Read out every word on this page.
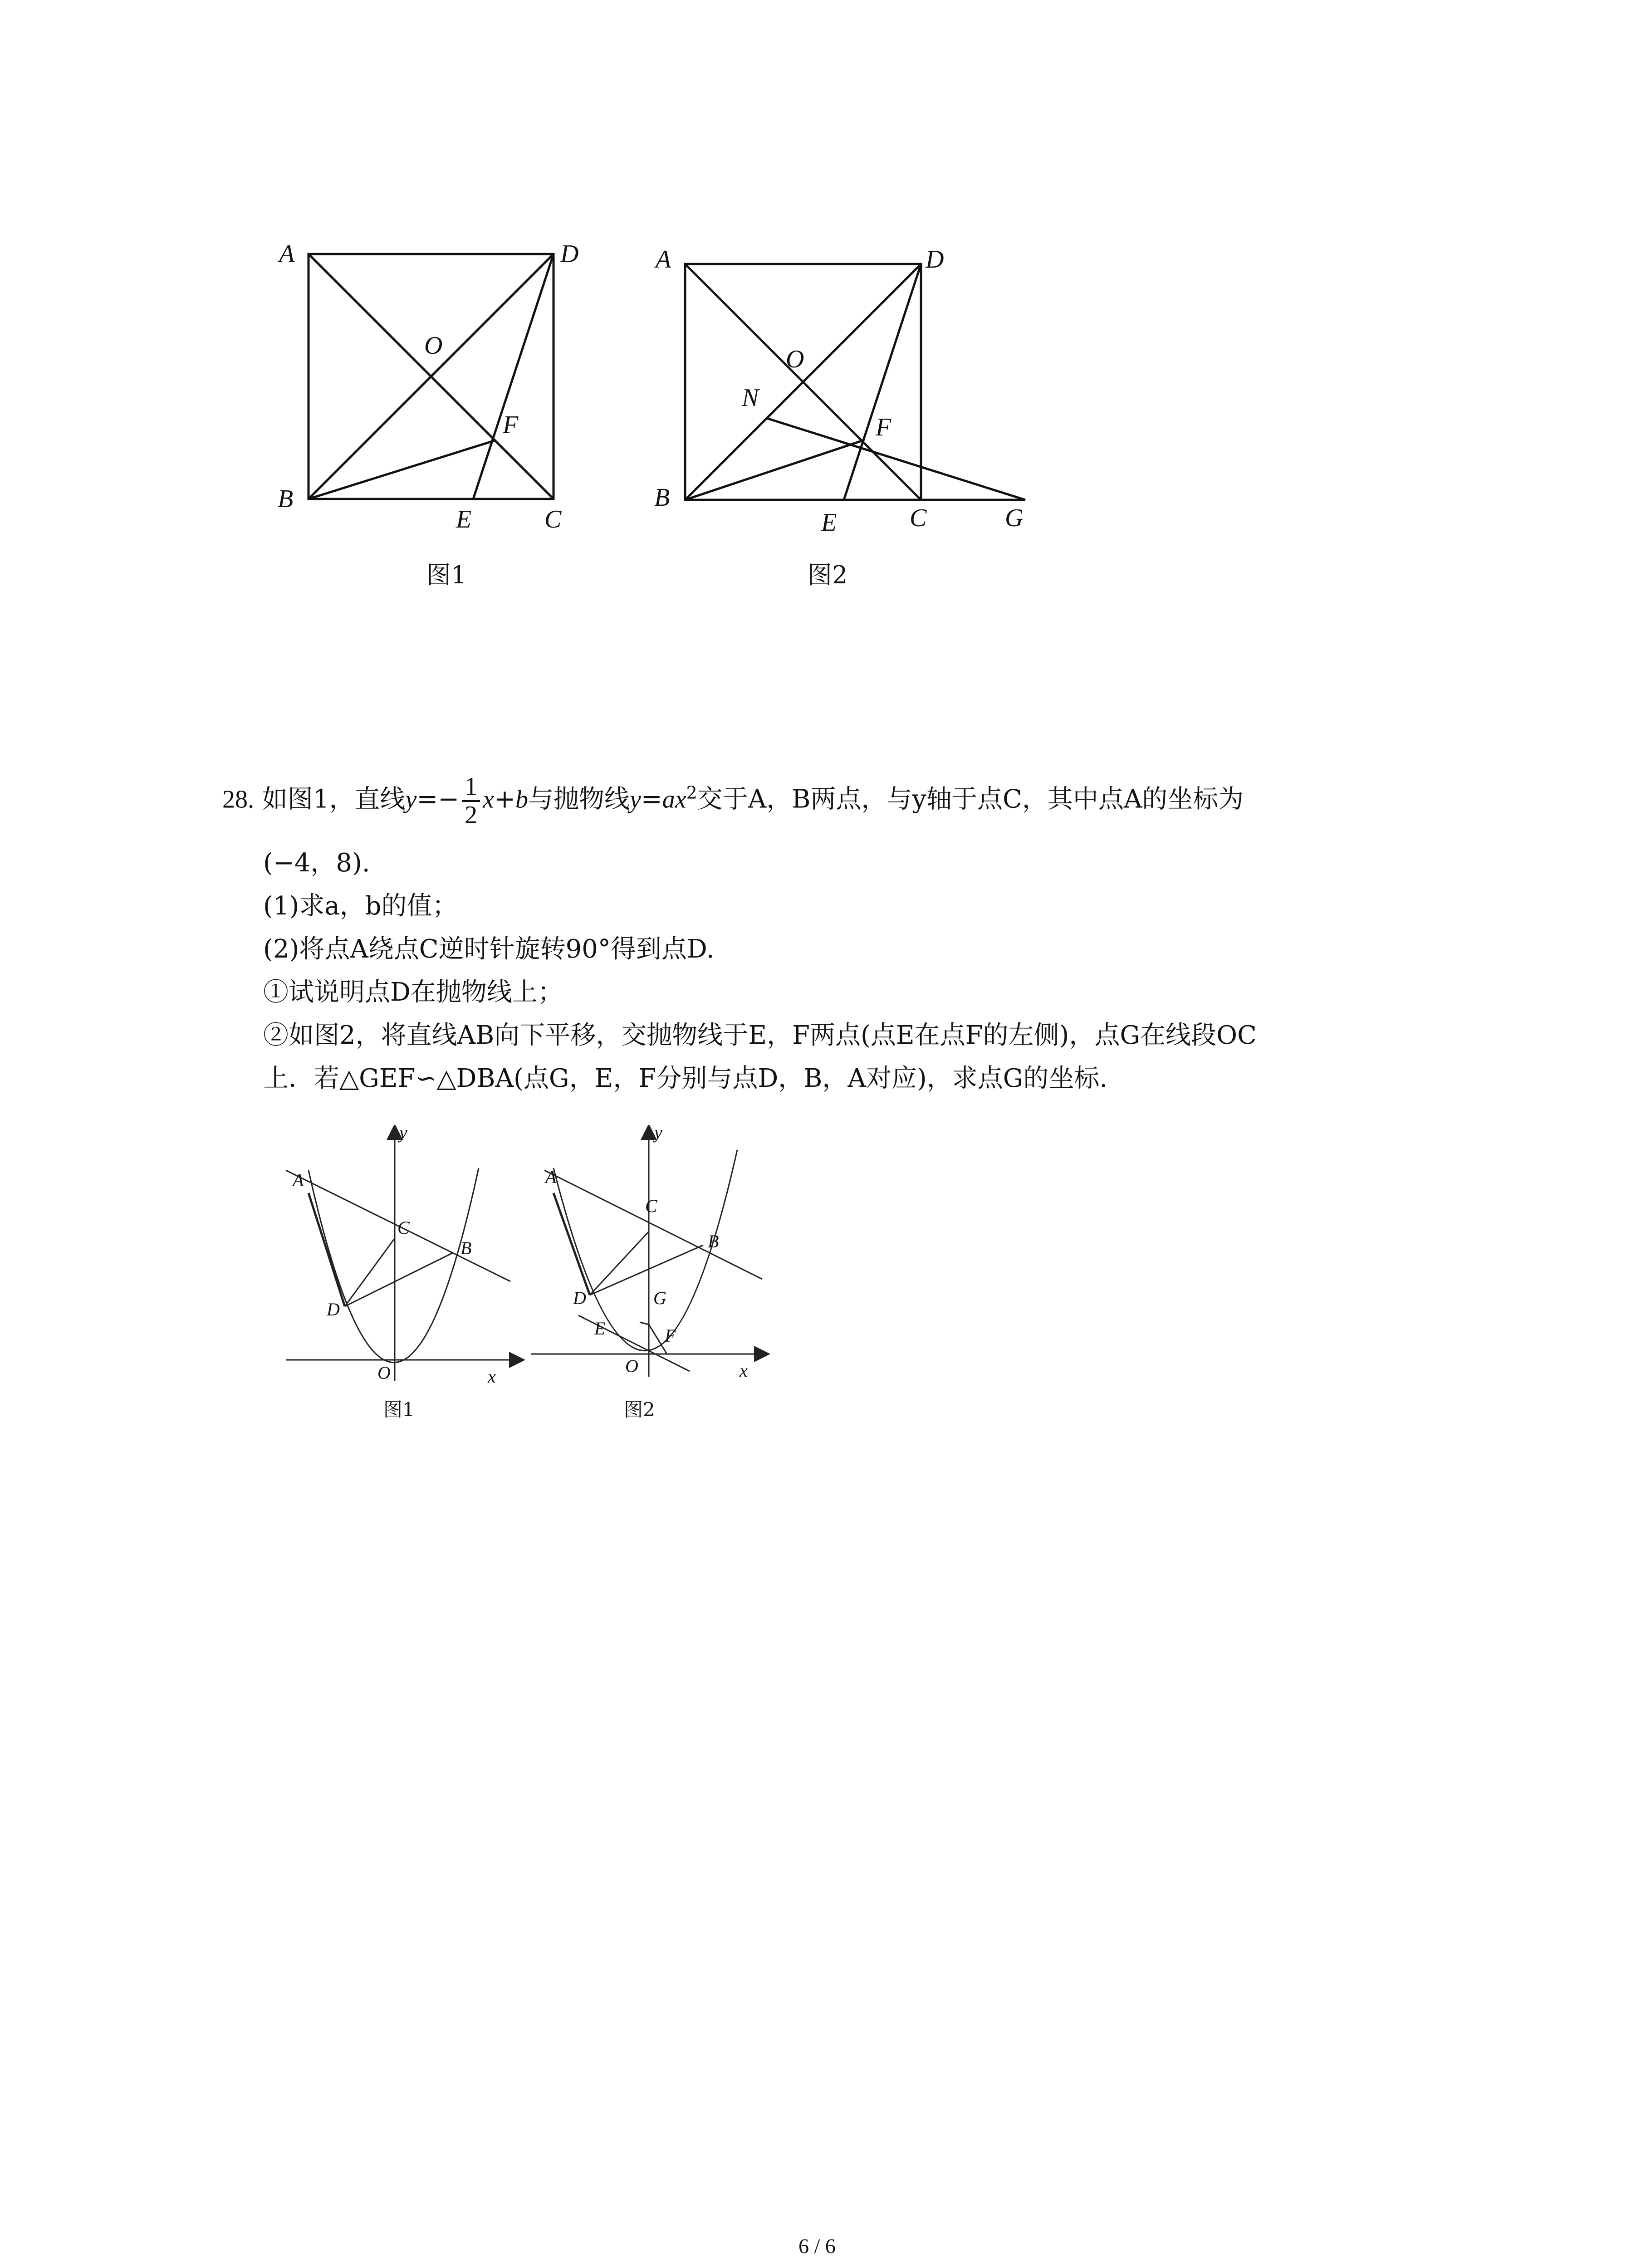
A	D
O
F
B
E	C
图1
A	D
O
N
F
B
E	C	G
图2
28. 如图1，直线$y=- \frac{1}{2} x+b$与抛物线$y=ax^2$交于A，B两点，与y轴于点C，其中点A的坐标为
(−4，8).
(1)求a，b的值；
(2)将点A绕点C逆时针旋转90°得到点D.
①试说明点D在抛物线上；
②如图2，将直线AB向下平移，交抛物线于E，F两点(点E在点F的左侧)，点G在线段OC
上．若△GEF∽△DBA(点G，E，F分别与点D，B，A对应)，求点G的坐标.
y
A
C
B
D
O	x
图1
y
A
C
B
D	G
E	F
O	x
图2
6 / 6
